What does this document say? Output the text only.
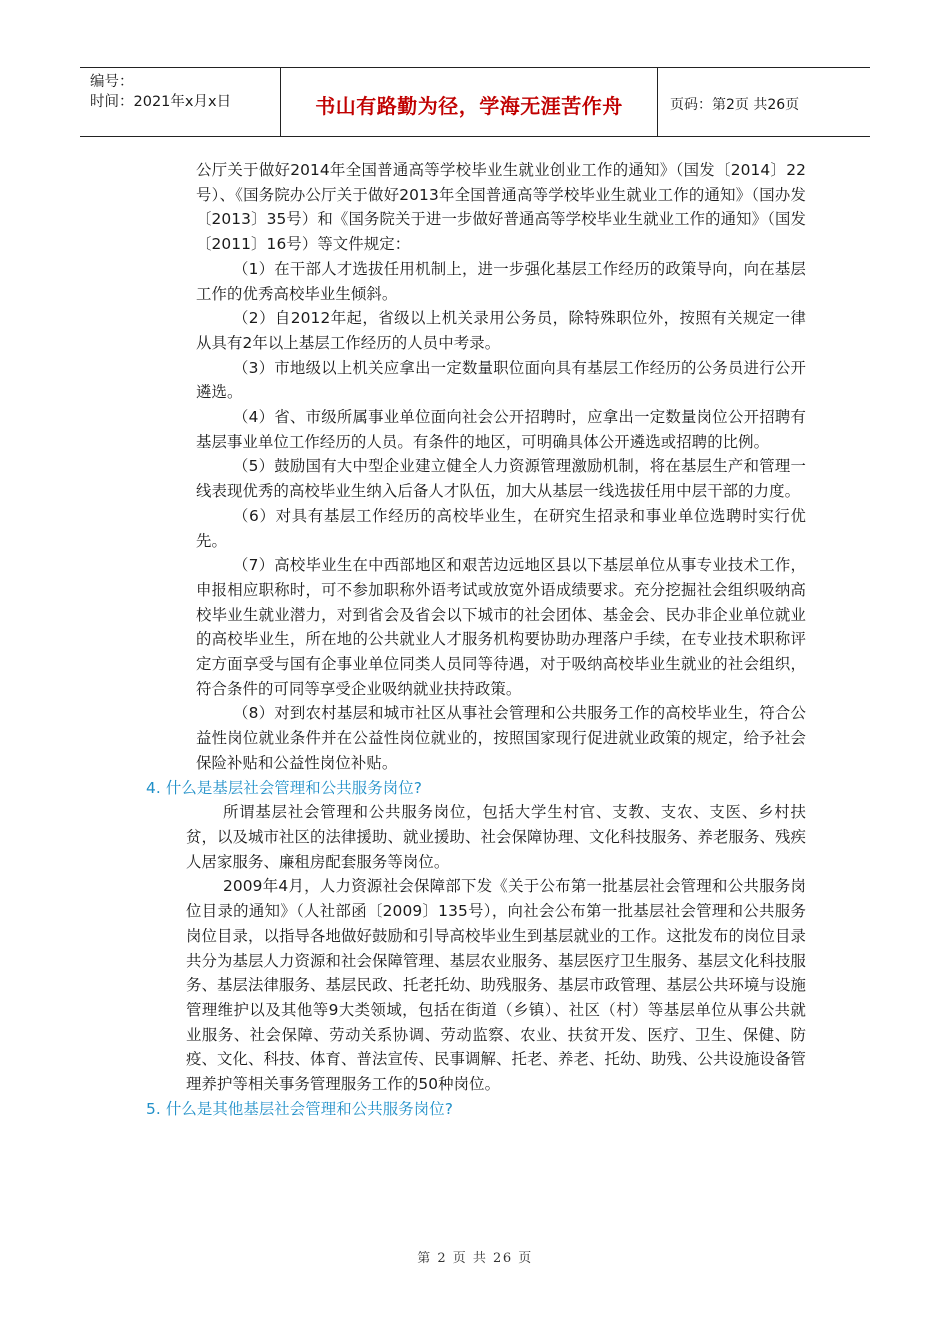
编号：
时间：2021年x月x日	书山有路勤为径，学海无涯苦作舟	页码：第2页 共26页

公厅关于做好2014年全国普通高等学校毕业生就业创业工作的通知》（国发〔2014〕22号）、《国务院办公厅关于做好2013年全国普通高等学校毕业生就业工作的通知》（国办发〔2013〕35号）和《国务院关于进一步做好普通高等学校毕业生就业工作的通知》（国发〔2011〕16号）等文件规定：

（1）在干部人才选拔任用机制上，进一步强化基层工作经历的政策导向，向在基层工作的优秀高校毕业生倾斜。

（2）自2012年起，省级以上机关录用公务员，除特殊职位外，按照有关规定一律从具有2年以上基层工作经历的人员中考录。

（3）市地级以上机关应拿出一定数量职位面向具有基层工作经历的公务员进行公开遴选。

（4）省、市级所属事业单位面向社会公开招聘时，应拿出一定数量岗位公开招聘有基层事业单位工作经历的人员。有条件的地区，可明确具体公开遴选或招聘的比例。

（5）鼓励国有大中型企业建立健全人力资源管理激励机制，将在基层生产和管理一线表现优秀的高校毕业生纳入后备人才队伍，加大从基层一线选拔任用中层干部的力度。

（6）对具有基层工作经历的高校毕业生，在研究生招录和事业单位选聘时实行优先。

（7）高校毕业生在中西部地区和艰苦边远地区县以下基层单位从事专业技术工作，申报相应职称时，可不参加职称外语考试或放宽外语成绩要求。充分挖掘社会组织吸纳高校毕业生就业潜力，对到省会及省会以下城市的社会团体、基金会、民办非企业单位就业的高校毕业生，所在地的公共就业人才服务机构要协助办理落户手续，在专业技术职称评定方面享受与国有企事业单位同类人员同等待遇，对于吸纳高校毕业生就业的社会组织，符合条件的可同等享受企业吸纳就业扶持政策。

（8）对到农村基层和城市社区从事社会管理和公共服务工作的高校毕业生，符合公益性岗位就业条件并在公益性岗位就业的，按照国家现行促进就业政策的规定，给予社会保险补贴和公益性岗位补贴。

4. 什么是基层社会管理和公共服务岗位?

所谓基层社会管理和公共服务岗位，包括大学生村官、支教、支农、支医、乡村扶贫，以及城市社区的法律援助、就业援助、社会保障协理、文化科技服务、养老服务、残疾人居家服务、廉租房配套服务等岗位。

2009年4月，人力资源社会保障部下发《关于公布第一批基层社会管理和公共服务岗位目录的通知》（人社部函〔2009〕135号），向社会公布第一批基层社会管理和公共服务岗位目录，以指导各地做好鼓励和引导高校毕业生到基层就业的工作。这批发布的岗位目录共分为基层人力资源和社会保障管理、基层农业服务、基层医疗卫生服务、基层文化科技服务、基层法律服务、基层民政、托老托幼、助残服务、基层市政管理、基层公共环境与设施管理维护以及其他等9大类领域，包括在街道（乡镇）、社区（村）等基层单位从事公共就业服务、社会保障、劳动关系协调、劳动监察、农业、扶贫开发、医疗、卫生、保健、防疫、文化、科技、体育、普法宣传、民事调解、托老、养老、托幼、助残、公共设施设备管理养护等相关事务管理服务工作的50种岗位。

5. 什么是其他基层社会管理和公共服务岗位?
第 2 页 共 26 页
